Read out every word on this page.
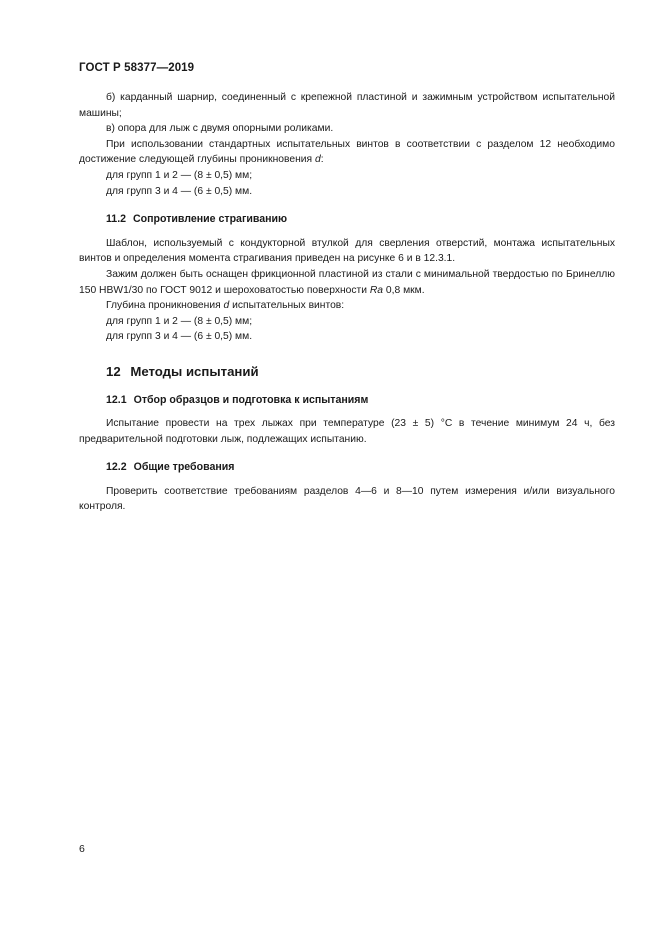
ГОСТ Р 58377—2019

б) карданный шарнир, соединенный с крепежной пластиной и зажимным устройством испытательной машины;

в) опора для лыж с двумя опорными роликами.

При использовании стандартных испытательных винтов в соответствии с разделом 12 необходимо достижение следующей глубины проникновения d:

для групп 1 и 2 — (8 ± 0,5) мм;

для групп 3 и 4 — (6 ± 0,5) мм.

11.2 Сопротивление страгиванию

Шаблон, используемый с кондукторной втулкой для сверления отверстий, монтажа испытательных винтов и определения момента страгивания приведен на рисунке 6 и в 12.3.1.

Зажим должен быть оснащен фрикционной пластиной из стали с минимальной твердостью по Бринеллю 150 HBW1/30 по ГОСТ 9012 и шероховатостью поверхности Ra 0,8 мкм.

Глубина проникновения d испытательных винтов:

для групп 1 и 2 — (8 ± 0,5) мм;

для групп 3 и 4 — (6 ± 0,5) мм.

12 Методы испытаний
12.1 Отбор образцов и подготовка к испытаниям

Испытание провести на трех лыжах при температуре (23 ± 5) °С в течение минимум 24 ч, без предварительной подготовки лыж, подлежащих испытанию.

12.2 Общие требования

Проверить соответствие требованиям разделов 4—6 и 8—10 путем измерения и/или визуального контроля.

6
